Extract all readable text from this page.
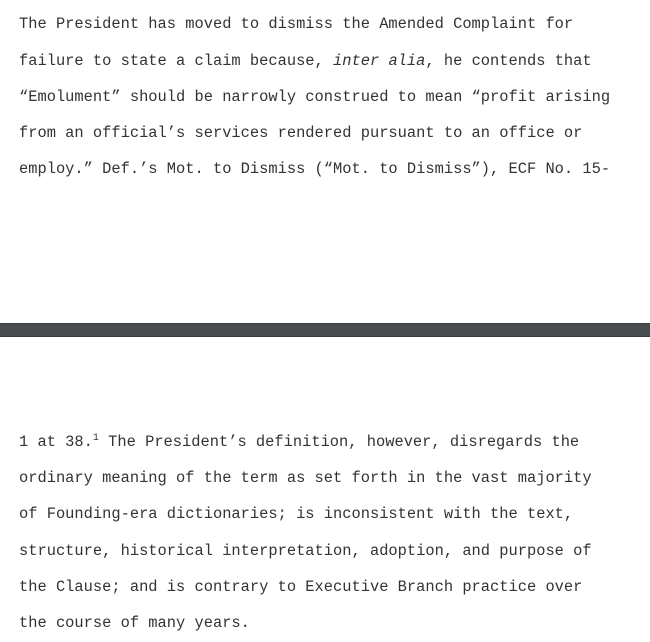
The President has moved to dismiss the Amended Complaint for
failure to state a claim because, inter alia, he contends that
“Emolument” should be narrowly construed to mean “profit arising
from an official’s services rendered pursuant to an office or
employ.” Def.’s Mot. to Dismiss (“Mot. to Dismiss”), ECF No. 15-
1 at 38.$^1$ The President’s definition, however, disregards the
ordinary meaning of the term as set forth in the vast majority
of Founding-era dictionaries; is inconsistent with the text,
structure, historical interpretation, adoption, and purpose of
the Clause; and is contrary to Executive Branch practice over
the course of many years.
